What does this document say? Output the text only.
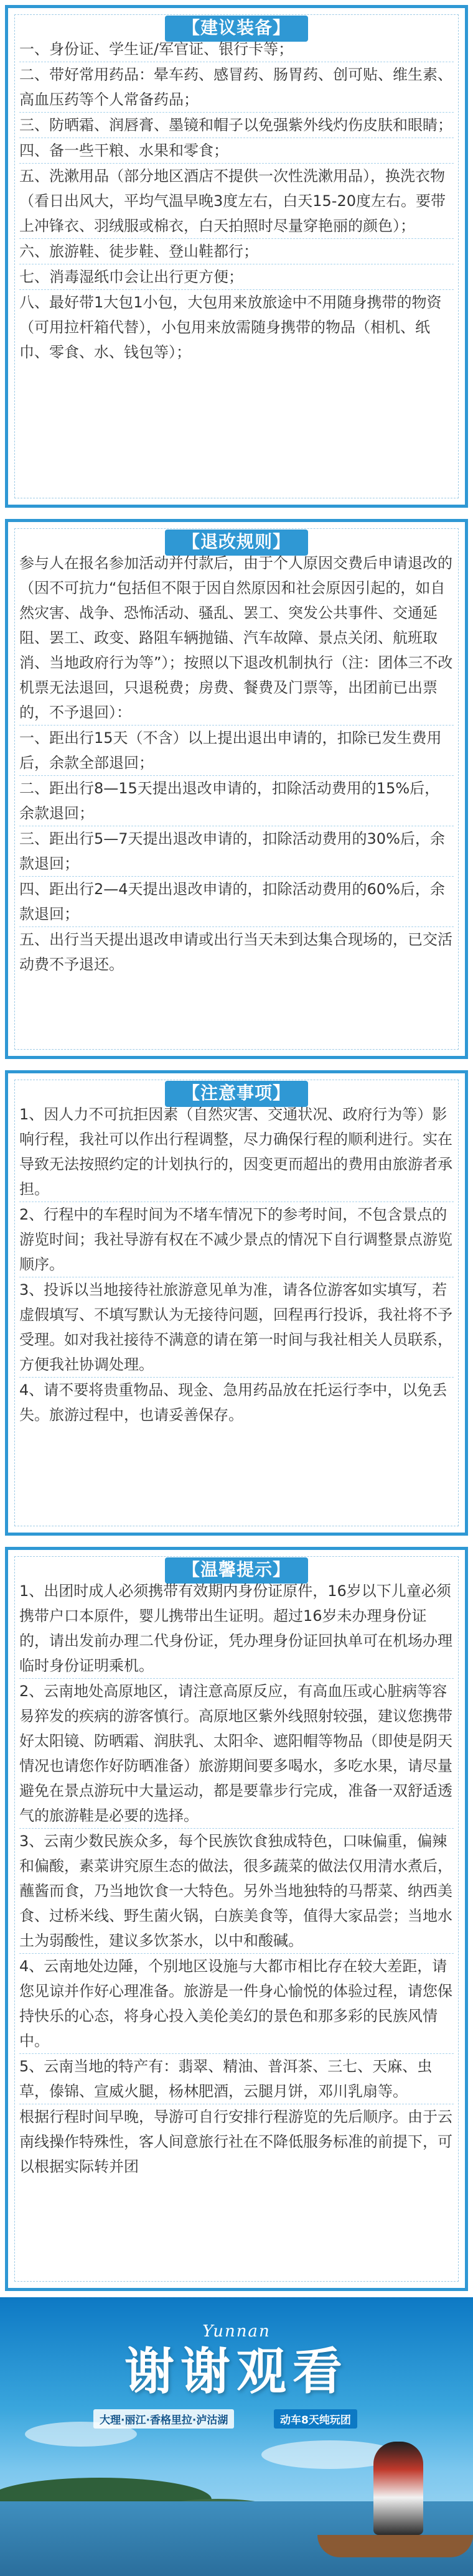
【建议装备】
一、身份证、学生证/军官证、银行卡等；
二、带好常用药品：晕车药、感冒药、肠胃药、创可贴、维生素、高血压药等个人常备药品；
三、防晒霜、润唇膏、墨镜和帽子以免强紫外线灼伤皮肤和眼睛；
四、备一些干粮、水果和零食；
五、洗漱用品（部分地区酒店不提供一次性洗漱用品），换洗衣物（看日出风大，平均气温早晚3度左右，白天15-20度左右。要带上冲锋衣、羽绒服或棉衣，白天拍照时尽量穿艳丽的颜色）；
六、旅游鞋、徒步鞋、登山鞋都行；
七、消毒湿纸巾会让出行更方便；
八、最好带1大包1小包，大包用来放旅途中不用随身携带的物资（可用拉杆箱代替），小包用来放需随身携带的物品（相机、纸巾、零食、水、钱包等）；
【退改规则】
参与人在报名参加活动并付款后，由于个人原因交费后申请退改的（因不可抗力“包括但不限于因自然原因和社会原因引起的，如自然灾害、战争、恐怖活动、骚乱、罢工、突发公共事件、交通延阻、罢工、政变、路阻车辆抛锚、汽车故障、景点关闭、航班取消、当地政府行为等”）；按照以下退改机制执行（注：团体三不改机票无法退回，只退税费；房费、餐费及门票等，出团前已出票的，不予退回）：
一、距出行15天（不含）以上提出退出申请的，扣除已发生费用后，余款全部退回；
二、距出行8—15天提出退改申请的，扣除活动费用的15%后，余款退回；
三、距出行5—7天提出退改申请的，扣除活动费用的30%后，余款退回；
四、距出行2—4天提出退改申请的，扣除活动费用的60%后，余款退回；
五、出行当天提出退改申请或出行当天未到达集合现场的，已交活动费不予退还。
【注意事项】
1、因人力不可抗拒因素（自然灾害、交通状况、政府行为等）影响行程，我社可以作出行程调整，尽力确保行程的顺利进行。实在导致无法按照约定的计划执行的，因变更而超出的费用由旅游者承担。
2、行程中的车程时间为不堵车情况下的参考时间，不包含景点的游览时间；我社导游有权在不减少景点的情况下自行调整景点游览顺序。
3、投诉以当地接待社旅游意见单为准，请各位游客如实填写，若虚假填写、不填写默认为无接待问题，回程再行投诉，我社将不予受理。如对我社接待不满意的请在第一时间与我社相关人员联系，方便我社协调处理。
4、请不要将贵重物品、现金、急用药品放在托运行李中，以免丢失。旅游过程中，也请妥善保存。
【温馨提示】
1、出团时成人必须携带有效期内身份证原件，16岁以下儿童必须携带户口本原件，婴儿携带出生证明。超过16岁未办理身份证的，请出发前办理二代身份证，凭办理身份证回执单可在机场办理临时身份证明乘机。
2、云南地处高原地区，请注意高原反应，有高血压或心脏病等容易猝发的疾病的游客慎行。高原地区紫外线照射较强，建议您携带好太阳镜、防晒霜、润肤乳、太阳伞、遮阳帽等物品（即使是阴天情况也请您作好防晒准备）旅游期间要多喝水，多吃水果，请尽量避免在景点游玩中大量运动，都是要靠步行完成，准备一双舒适透气的旅游鞋是必要的选择。
3、云南少数民族众多，每个民族饮食独成特色，口味偏重，偏辣和偏酸，素菜讲究原生态的做法，很多蔬菜的做法仅用清水煮后，蘸酱而食，乃当地饮食一大特色。另外当地独特的马帮菜、纳西美食、过桥米线、野生菌火锅，白族美食等，值得大家品尝；当地水土为弱酸性，建议多饮茶水，以中和酸碱。
4、云南地处边陲，个别地区设施与大都市相比存在较大差距，请您见谅并作好心理准备。旅游是一件身心愉悦的体验过程，请您保持快乐的心态，将身心投入美伦美幻的景色和那多彩的民族风情中。
5、云南当地的特产有：翡翠、精油、普洱茶、三七、天麻、虫草，傣锦、宣威火腿，杨林肥酒，云腿月饼，邓川乳扇等。
根据行程时间早晚，导游可自行安排行程游览的先后顺序。由于云南线操作特殊性，客人间意旅行社在不降低服务标准的前提下，可以根据实际转并团
Yunnan
谢谢观看
大理·丽江·香格里拉·泸沽湖	动车8天纯玩团
